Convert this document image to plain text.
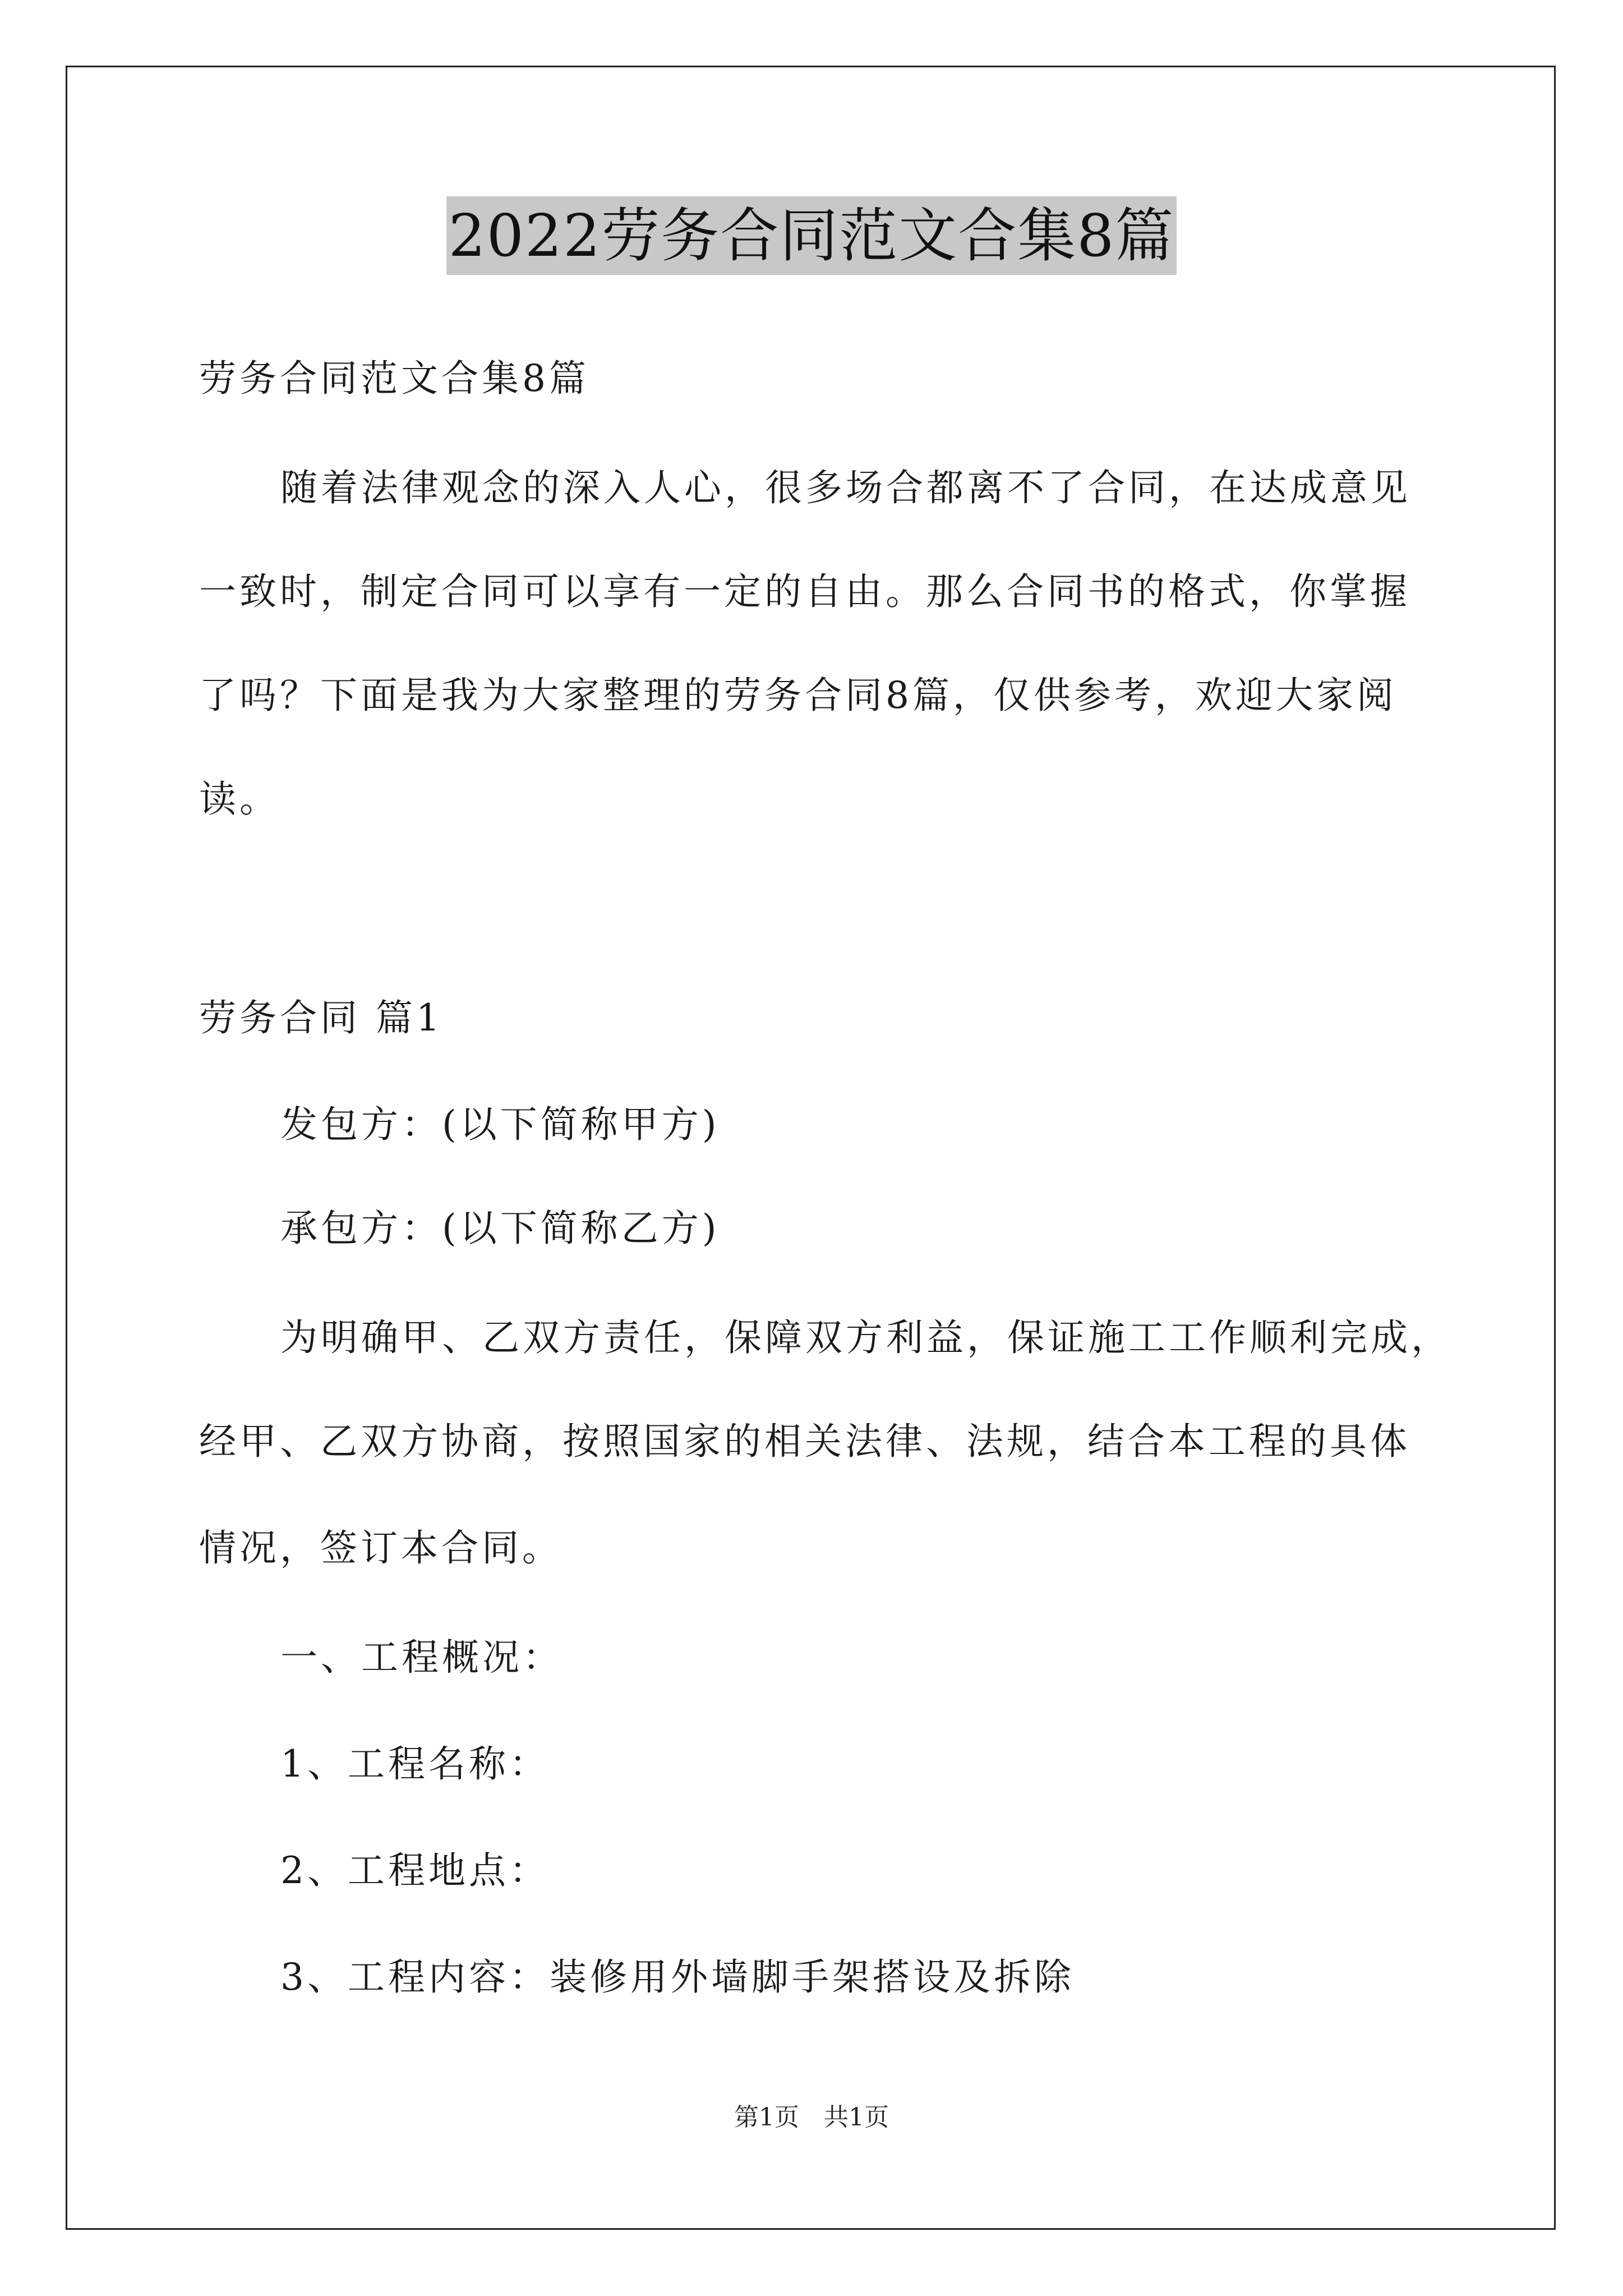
2022劳务合同范文合集8篇
劳务合同范文合集8篇
随着法律观念的深入人心，很多场合都离不了合同，在达成意见
一致时，制定合同可以享有一定的自由。那么合同书的格式，你掌握
了吗？下面是我为大家整理的劳务合同8篇，仅供参考，欢迎大家阅
读。
劳务合同 篇1
发包方：(以下简称甲方)
承包方：(以下简称乙方)
为明确甲、乙双方责任，保障双方利益，保证施工工作顺利完成，
经甲、乙双方协商，按照国家的相关法律、法规，结合本工程的具体
情况，签订本合同。
一、工程概况：
1、工程名称：
2、工程地点：
3、工程内容：装修用外墙脚手架搭设及拆除
第1页　共1页
